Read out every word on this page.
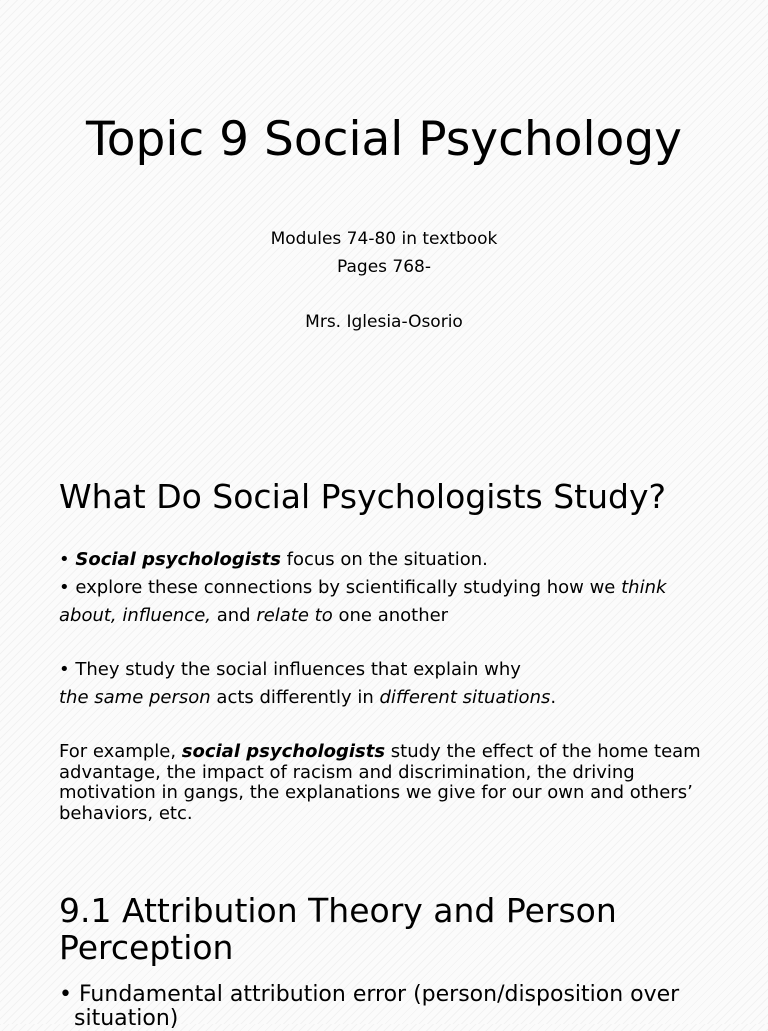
Topic 9 Social Psychology
Modules 74-80 in textbook
Pages 768-
Mrs. Iglesia-Osorio
What Do Social Psychologists Study?
• Social psychologists focus on the situation.
• explore these connections by scientifically studying how we think about, influence, and relate to one another
• They study the social influences that explain why
the same person acts differently in different situations.
For example, social psychologists study the effect of the home team advantage, the impact of racism and discrimination, the driving motivation in gangs, the explanations we give for our own and others’ behaviors, etc.
9.1 Attribution Theory and Person
Perception
• Fundamental attribution error (person/disposition over situation)
